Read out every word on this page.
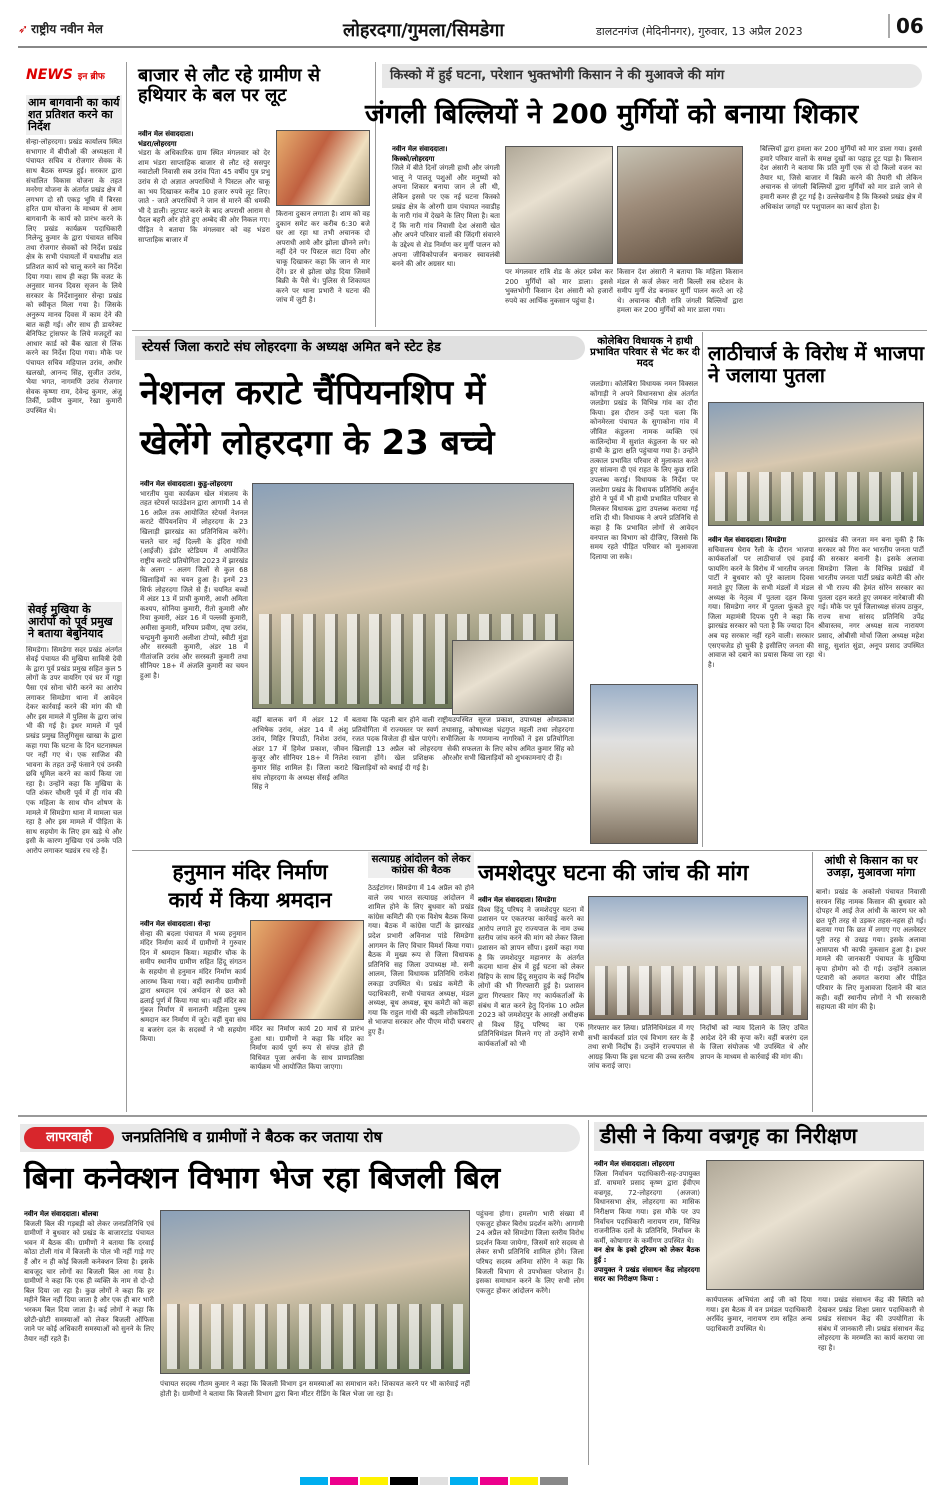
➶ राष्ट्रीय नवीन मेल	लोहरदगा/गुमला/सिमडेगा	डालटनगंज (मेदिनीनगर), गुरुवार, 13 अप्रैल 2023	06
NEWS इन ब्रीफ
आम बागवानी का कार्य शत प्रतिशत करने का निर्देश
सेन्हा-लोहरदगा। प्रखंड कार्यालय स्थित सभागार में बीपीओ की अध्यक्षता में पंचायत सचिव व रोजगार सेवक के साथ बैठक सम्पन्न हुई। सरकार द्वारा संचालित विकास योजना के तहत मनरेगा योजना के अंतर्गत प्रखंड क्षेत्र में लगभग दो सौ एकड़ भूमि में बिरसा हरित ग्राम योजना के माध्यम से आम बागवानी के कार्य को प्रारंभ करने के लिए प्रखंड कार्यक्रम पदाधिकारी निलेन्दु कुमार के द्वारा पंचायत सचिव तथा रोजगार सेवकों को निर्देश प्रखंड क्षेत्र के सभी पंचायतों में यथाशीघ्र शत प्रतिशत कार्य को चालू करने का निर्देश दिया गया। साथ ही कहा कि वजट के अनुसार मानव दिवस सृजन के लिये सरकार के निर्देशानुसार सेन्हा प्रखंड को स्वीकृत मिला गया है। जिसके अनुरूप मानव दिवस में काम देने की बात कही गई। और साथ ही डायरेक्ट बेनिफिट ट्रांसफर के लिये मजदूरों का आधार कार्ड को बैंक खाता से लिंक करने का निर्देश दिया गया। मौके पर पंचायत सचिव महिपाल उरांव, अधीर खलखो, आनन्द सिंह, सुजीत उरांव, भैया भगत, नागमणि उरांव रोजगार सेवक कृष्णा राम, देवेन्द्र कुमार, अंजु तिर्की, प्रवीण कुमार, रेखा कुमारी उपस्थित थे।
सेवई मुखिया के आरोपों को पूर्व प्रमुख ने बताया बेबुनियाद
सिमडेगा। सिमडेगा सदर प्रखंड अंतर्गत सेवई पंचायत की मुखिया सावित्री देवी के द्वारा पूर्व प्रखंड प्रमुख सहित कुल 5 लोगों के उपर वायरिंग एवं घर में गड्ढा पैसा एवं सोना चोरी करने का आरोप लगाकर सिमडेगा थाना में आवेदन देकर कार्रवाई करने की मांग की थी और इस मामले में पुलिस के द्वारा जांच भी की गई है। इधर मामले में पूर्व प्रखंड प्रमुख तिलुगिसुस खाखा के द्वारा कहा गया कि घटना के दिन घटनास्थल पर नहीं गए थे। एक साजिश की भावना के तहत उन्हें फंसाने एवं उनकी छवि धूमिल करने का कार्य किया जा रहा है। उन्होंने कहा कि मुखिया के पति शंकर चौधरी पूर्व में ही गांव की एक महिला के साथ यौन शोषण के मामले में सिमडेगा थाना में मामला चल रहा है और इस मामले में पीड़िता के साथ सहयोग के लिए हम खड़े थे और इसी के कारण मुखिया एवं उनके पति आरोप लगाकर षड्यंत्र रच रहे हैं।
बाजार से लौट रहे ग्रामीण से हथियार के बल पर लूट
नवीन मेल संवाददाता।
भंडरा/लोहरदगा
भंडरा के अधिकारिक ग्राम स्थित मंगलवार को देर शाम भंडरा साप्ताहिक बाजार से लौट रहे ससपुर नवाटोली निवासी सब उरांव पिता 45 वर्षीय पुत्र प्रभु उरांव से दो अज्ञात अपराधियों ने पिस्टल और चाकू का भय दिखाकर करीब 10 हजार रुपये लूट लिए। जाते - जाते अपराधियों ने जान से मारने की धमकी भी दे डाली। लूटपाट करने के बाद अपराधी आराम से पैदल बहरी ओर होते हुए अम्बेद की ओर निकल गए। पीड़ित ने बताया कि मंगलवार को वह भंडरा साप्ताहिक बाजार में
किराना दुकान लगाता है। शाम को वह दुकान समेट कर करीब 6:30 बजे घर आ रहा था तभी अचानक दो अपराधी आये और झोला छीनने लगे। नहीं देने पर पिस्टल सटा दिया और चाकू दिखाकर कहा कि जान से मार देंगे। डर से झोला छोड़ दिया जिसमें बिक्री के पैसे थे। पुलिस से शिकायत करने पर थाना प्रभारी ने घटना की जांच में जुटी है।
किस्को में हुई घटना, परेशान भुक्तभोगी किसान ने की मुआवजे की मांग
जंगली बिल्लियों ने 200 मुर्गियों को बनाया शिकार
नवीन मेल संवाददाता।
किस्को/लोहरदगा
जिले में बीते दिनों जंगली हाथी और जंगली भालू ने पालतू पशुओं और मनुष्यों को अपना शिकार बनाया जान ले ली थी, लेकिन इससे पर एक नई घटना किस्को प्रखंड क्षेत्र के ओरगी ग्राम पंचायत नवाडीह के नारी गांव में देखने के लिए मिला है। बता दें कि नारी गांव निवासी देश अंसारी खेत और अपने परिवार वालों की जिंदगी संवारने के उद्देश्य से शेड निर्माण कर मुर्गी पालन को अपना जीविकोपार्जन बनाकर स्वावलंबी बनने की ओर अग्रसर था।
पर मंगलवार रात्रि शेड के अंदर प्रवेश कर 200 मुर्गियों को मार डाला। इससे भुक्तभोगी किसान देश अंसारी को हजारों रुपये का आर्थिक नुकसान पहुंचा है।
किसान देश अंसारी ने बताया कि महिला किसान मंडल से कर्ज लेकर नारी बिल्ली सब स्टेशन के समीप मुर्गी शेड बनाकर मुर्गी पालन करते आ रहे थे। अचानक बीती रात्रि जंगली बिल्लियों द्वारा हमला कर 200 मुर्गियों को मार डाला गया।
बिल्लियों द्वारा हमला कर 200 मुर्गियों को मार डाला गया। इससे हमारे परिवार वालों के समक्ष दुखों का पहाड़ टूट पड़ा है। किसान देश अंसारी ने बताया कि प्रति मुर्गी एक से दो किलो वजन का तैयार था, जिसे बाजार में बिक्री करने की तैयारी थी लेकिन अचानक से जंगली बिल्लियों द्वारा मुर्गियों को मार डाले जाने से हमारी कमर ही टूट गई है। उल्लेखनीय है कि किस्को प्रखंड क्षेत्र में अधिकांश जगहों पर पशुपालन का कार्य होता है।
स्टेयर्स जिला कराटे संघ लोहरदगा के अध्यक्ष अमित बने स्टेट हेड
नेशनल कराटे चैंपियनशिप में
खेलेंगे लोहरदगा के 23 बच्चे
नवीन मेल संवाददाता। कुडु-लोहरदगा
भारतीय युवा कार्यक्रम खेल मंत्रालय के तहत स्टेयर्स फाउंडेशन द्वारा आगामी 14 से 16 अप्रैल तक आयोजित स्टेयर्स नेशनल कराटे चैंपियनशिप में लोहरदगा के 23 खिलाड़ी झारखंड का प्रतिनिधित्व करेंगे। चलते चार नई दिल्ली के इंदिरा गांधी (आईजी) इंडोर स्टेडियम में आयोजित राष्ट्रीय कराटे प्रतियोगिता 2023 में झारखंड के अलग - अलग जिलों से कुल 68 खिलाड़ियों का चयन हुआ है। इनमें 23 सिर्फ लोहरदगा जिले से हैं। चयनित बच्चों में अंडर 13 में प्राची कुमारी, आशी अमिता कश्यप, सोनिया कुमारी, रीतो कुमारी और रिया कुमारी, अंडर 16 में पल्लवी कुमारी, अमीसा कुमारी, मरियम प्रवीण, तृषा उरांव, चन्द्रमुनी कुमारी अलीशा टोप्पो, स्वीटी मुंडा और सरस्वती कुमारी, अंडर 18 में गीतांजलि उरांव और सरस्वती कुमारी तथा सीनियर 18+ में अंजलि कुमारी का चयन हुआ है।
वहीं बालक वर्ग में अंडर 12 में अभिषेक उरांव, अंडर 14 में अंशु उरांव, मिहिर त्रिपाठी, निशेश उरांव, अंडर 17 में हिमेश प्रकाश, जीवन कुजूर और सीनियर 18+ में निलेश कुमार सिंह शामिल हैं। जिला कराटे संघ लोहरदगा के अध्यक्ष सेंसई अमित सिंह ने
बताया कि पहली बार होने वाली राष्ट्रीय प्रतियोगिता में राज्यस्तर पर स्वर्ण तथा रजत पदक विजेता ही खेल पाएंगे। सभी खिलाड़ी 13 अप्रैल को लोहरदगा से रवाना होंगे। खेल प्रशिक्षक और खिलाड़ियों को बधाई दी गई है।
उपस्थित सूरज प्रकाश, उपाध्यक्ष ओमप्रकाश साहू, कोषाध्यक्ष चंद्रगुप्त महली तथा लोहरदगा जिला के गणमान्य नागरिकों ने इस प्रतियोगिता की सफलता के लिए कोच अमित कुमार सिंह को और सभी खिलाड़ियों को शुभकामनाएं दी हैं।
कोलेबिरा विधायक ने हाथी प्रभावित परिवार से भेंट कर दी मदद
जलडेगा। कोलेबिरा विधायक नमन विक्सल कोंगाड़ी ने अपने विधानसभा क्षेत्र अंतर्गत जलडेगा प्रखंड के विभिन्न गांव का दौरा किया। इस दौरान उन्हें पता चला कि कोनमेरला पंचायत के सुगाकोना गांव में जीवित कंडुलना नामक व्यक्ति एवं कालिन्दोमा में सुशांत कंडुलना के घर को हाथी के द्वारा क्षति पहुंचाया गया है। उन्होंने तत्काल प्रभावित परिवार से मुलाकात करते हुए सांत्वना दी एवं राहत के लिए कुछ राशि उपलब्ध कराई। विधायक के निर्देश पर जलडेगा प्रखंड के विधायक प्रतिनिधि अर्जुन होरो ने पूर्व में भी हाथी प्रभावित परिवार से मिलकर विधायक द्वारा उपलब्ध कराया गई राशि दी थी। विधायक ने अपने प्रतिनिधि से कहा है कि प्रभावित लोगों से आवेदन वनपाल का विभाग को दीजिए, जिससे कि समय रहते पीड़ित परिवार को मुआवजा दिलाया जा सके।
लाठीचार्ज के विरोध में भाजपा ने जलाया पुतला
नवीन मेल संवाददाता। सिमडेगा
सचिवालय घेराव रैली के दौरान भाजपा कार्यकर्ताओं पर लाठीचार्ज एवं हवाई फायरिंग करने के विरोध में भारतीय जनता पार्टी ने बुधवार को पूरे कालाम दिवस मनाते हुए जिला के सभी मंडलों में मंडल अध्यक्ष के नेतृत्व में पुतला दहन किया गया। सिमडेगा नगर में पुतला फूंकते हुए जिला महामंत्री दिपक पुरी ने कहा कि झारखंड सरकार को पता है कि ज्यादा दिन अब यह सरकार नहीं रहने वाली। सरकार एसएचजेड हो चुकी है इसीलिए जनता की आवाज को दबाने का प्रयास किया जा रहा है।
झारखंड की जनता मन बना चुकी है कि सरकार को गिरा कर भारतीय जनता पार्टी की सरकार बनानी है। इसके अलावा सिमडेगा जिला के विभिन्न प्रखंडों में भारतीय जनता पार्टी प्रखंड कमेटी की ओर से भी राज्य की हेमंत सोरेन सरकार का पुतला दहन करते हुए जमकर नारेबाजी की गई। मौके पर पूर्व जिलाध्यक्ष संजय ठाकुर, राज्य सभा सांसद प्रतिनिधि उपेंद्र श्रीवास्तव, नगर अध्यक्ष सत्य नारायण प्रसाद, ओबीसी मोर्चा जिला अध्यक्ष महेश साहू, सुशांत सुंडा, अनूप प्रसाद उपस्थित थे।
हनुमान मंदिर निर्माण
कार्य में किया श्रमदान
नवीन मेल संवाददाता। सेन्हा
सेन्हा की बदला पंचायत में भव्य हनुमान मंदिर निर्माण कार्य में ग्रामीणों ने गुरुवार दिन में श्रमदान किया। महावीर चौक के समीप स्थानीय ग्रामीण सहित हिंदू संगठन के सहयोग से हनुमान मंदिर निर्माण कार्य आरम्भ किया गया। वहीं स्थानीय ग्रामीणों द्वारा श्रमदान एवं अर्थदान से छत को ढलाई पूर्ण में किया गया था। वहीं मंदिर का गुंबज निर्माण में सनातनी महिला पुरुष श्रमदान कर निर्माण में जुटे। वहीं युवा संघ व बजरंग दल के सदस्यों ने भी सहयोग किया।
मंदिर का निर्माण कार्य 20 मार्च से प्रारंभ हुआ था। ग्रामीणों ने कहा कि मंदिर का निर्माण कार्य पूर्ण रूप से संपन्न होते ही विधिवत पूजा अर्चना के साथ प्राणप्रतिष्ठा कार्यक्रम भी आयोजित किया जाएगा।
सत्याग्रह आंदोलन को लेकर कांग्रेस की बैठक
ठेठईटांगर। सिमडेगा में 14 अप्रैल को होने वाले जय भारत सत्याग्रह आंदोलन में शामिल होने के लिए बुधवार को प्रखंड कांग्रेस कमिटी की एक विशेष बैठक किया गया। बैठक में कांग्रेस पार्टी के झारखंड प्रदेश प्रभारी अविनाश पांडे सिमडेगा आगमन के लिए विचार विमर्श किया गया। बैठक में मुख्य रूप से जिला विधायक प्रतिनिधि सह जिला उपाध्यक्ष मो. सनी आलम, जिला विधायक प्रतिनिधि राकेश लकड़ा उपस्थित थे। प्रखंड कमेटी के पदाधिकारी, सभी पंचायत अध्यक्ष, मंडल अध्यक्ष, बूथ अध्यक्ष, बूथ कमेटी को कहा गया कि राहुल गांधी की बढ़ती लोकप्रियता से भाजपा सरकार और पीएम मोदी घबराए हुए हैं।
जमशेदपुर घटना की जांच की मांग
नवीन मेल संवाददाता। सिमडेगा
विश्व हिंदू परिषद ने जमशेदपुर घटना में प्रशासन पर एकतरफा कार्रवाई करने का आरोप लगाते हुए राज्यपाल के नाम उच्च स्तरीय जांच करने की मांग को लेकर जिला प्रशासन को ज्ञापन सौंपा। इसमें कहा गया है कि जमशेदपुर महानगर के अंतर्गत कदमा थाना क्षेत्र में हुई घटना को लेकर विहिप के साथ हिंदू समुदाय के कई निर्दोष लोगों की भी गिरफ्तारी हुई है। प्रशासन द्वारा गिरफ्तार किए गए कार्यकर्ताओं के संबंध में बात करने हेतु दिनांक 10 अप्रैल 2023 को जमशेदपुर के आरक्षी अधीक्षक से विश्व हिंदू परिषद का एक प्रतिनिधिमंडल मिलने गए तो उन्होंने सभी कार्यकर्ताओं को भी
गिरफ्तार कर लिया। प्रतिनिधिमंडल में गए सभी कार्यकर्ता प्रांत एवं विभाग स्तर के हैं तथा सभी निर्दोष हैं। उन्होंने राज्यपाल से आग्रह किया कि इस घटना की उच्च स्तरीय जांच कराई जाए।
निर्दोषों को न्याय दिलाने के लिए उचित आदेश देने की कृपा करें। वहीं बजरंग दल के जिला संयोजक भी उपस्थित थे और ज्ञापन के माध्यम से कार्रवाई की मांग की।
आंधी से किसान का घर उजड़ा, मुआवजा मांगा
बानो। प्रखंड के अकोलो पंचायत निवासी सरवन सिंह नामक किसान की बुधवार को दोपहर में आई तेज आंधी के कारण घर को छत पूरी तरह से उड़कर तहस-नहस हो गई। बताया गया कि छत में लगाए गए अलवेस्टर पूरी तरह से उखड़ गया। इसके अलावा आसपास भी काफी नुकसान हुआ है। इधर मामले की जानकारी पंचायत के मुखिया कृपा होमोग को दी गई। उन्होंने तत्काल पटवारी को अवगत कराया और पीड़ित परिवार के लिए मुआवजा दिलाने की बात कही। वहीं स्थानीय लोगों ने भी सरकारी सहायता की मांग की है।
लापरवाही	जनप्रतिनिधि व ग्रामीणों ने बैठक कर जताया रोष
बिना कनेक्शन विभाग भेज रहा बिजली बिल
नवीन मेल संवाददाता। बोलबा
बिजली बिल की गड़बड़ी को लेकर जनप्रतिनिधि एवं ग्रामीणों ने बुधवार को प्रखंड के बाजारटांड पंचायत भवन में बैठक की। ग्रामीणों ने बताया कि दरवाई कोठा टोली गांव में बिजली के पोल भी नहीं गाड़े गए हैं और न ही कोई बिजली कनेक्शन लिया है। इसके बावजूद चार लोगों का बिजली बिल आ गया है। ग्रामीणों ने कहा कि एक ही व्यक्ति के नाम से दो-दो बिल दिया जा रहा है। कुछ लोगों ने कहा कि हर महीने बिल नहीं दिया जाता है और एक ही बार भारी भरकम बिल दिया जाता है। कई लोगों ने कहा कि छोटी-छोटी समस्याओं को लेकर बिजली ऑफिस जाने पर कोई अधिकारी समस्याओं को सुनने के लिए तैयार नहीं रहते हैं।
पंचायत सदस्य गौतम कुमार ने कहा कि बिजली विभाग इन समस्याओं का समाधान करे। शिकायत करने पर भी कार्रवाई नहीं होती है। ग्रामीणों ने बताया कि बिजली विभाग द्वारा बिना मीटर रीडिंग के बिल भेजा जा रहा है।
पहुंचना होगा। हमलोग भारी संख्या में एकजुट होकर बिरोध प्रदर्शन करेंगे। आगामी 24 अप्रैल को सिमडेगा जिला स्तरीय विरोध प्रदर्शन किया जायेगा, जिसमें सारे सदस्य से लेकर सभी प्रतिनिधि शामिल होंगे। जिला परिषद सदस्य अनिमा सोरेंग ने कहा कि बिजली विभाग से उपभोक्ता परेशान हैं। इसका समाधान करने के लिए सभी लोग एकजुट होकर आंदोलन करेंगे।
डीसी ने किया वज्रगृह का निरीक्षण
नवीन मेल संवाददाता। लोहरदगा
जिला निर्वाचन पदाधिकारी-सह-उपायुक्त डॉ. वाघमारे प्रसाद कृष्ण द्वारा ईवीएम वज्रगृह, 72-लोहरदगा (अजजा) विधानसभा क्षेत्र, लोहरदगा का मासिक निरीक्षण किया गया। इस मौके पर उप निर्वाचन पदाधिकारी नारायण राम, विभिन्न राजनीतिक दलों के प्रतिनिधि, निर्वाचन के कर्मी, कोषागार के कर्मीगण उपस्थित थे।
वन क्षेत्र के इको टूरिज्म को लेकर बैठक हुई :
उपायुक्त ने प्रखंड संसाधन केंद्र लोहरदगा सदर का निरीक्षण किया :
कार्यपालक अभियंता आई जी को दिया गया। इस बैठक में वन प्रमंडल पदाधिकारी अरविंद कुमार, नारायण राम सहित अन्य पदाधिकारी उपस्थित थे।
गया। प्रखंड संसाधन केंद्र की स्थिति को देखकर प्रखंड शिक्षा प्रसार पदाधिकारी से प्रखंड संसाधन केंद्र की उपयोगिता के संबंध में जानकारी ली। प्रखंड संसाधन केंद्र लोहरदगा के मरम्मति का कार्य कराया जा रहा है।
